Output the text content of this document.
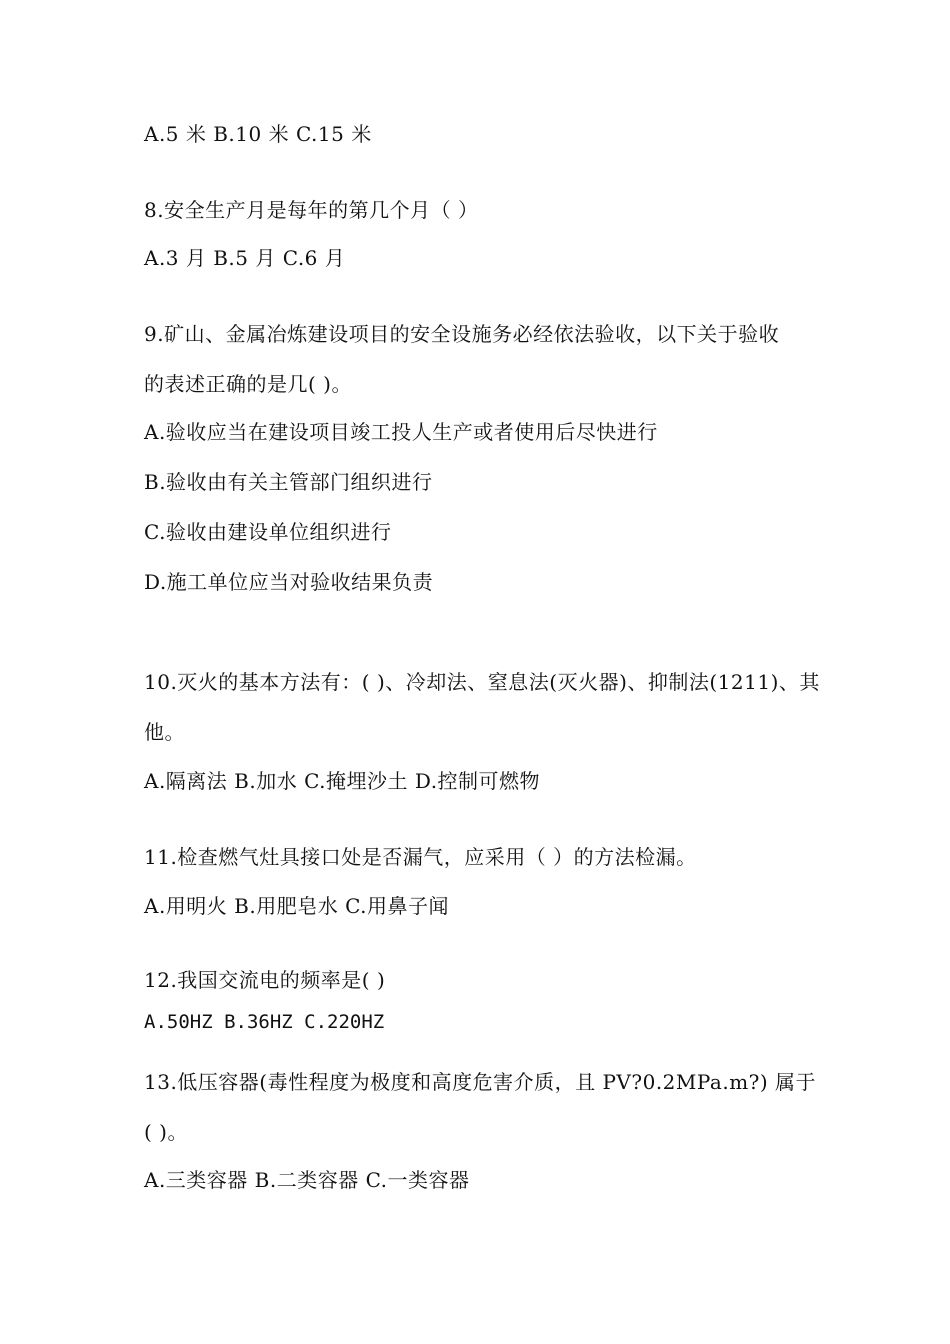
A.5 米 B.10 米 C.15 米

8.安全生产月是每年的第几个月（ ）

A.3 月 B.5 月 C.6 月

9.矿山、金属冶炼建设项目的安全设施务必经依法验收，以下关于验收

的表述正确的是几( )。

A.验收应当在建设项目竣工投人生产或者使用后尽快进行

B.验收由有关主管部门组织进行

C.验收由建设单位组织进行

D.施工单位应当对验收结果负责

10.灭火的基本方法有：( )、冷却法、窒息法(灭火器)、抑制法(1211)、其

他。

A.隔离法 B.加水 C.掩埋沙土 D.控制可燃物

11.检查燃气灶具接口处是否漏气，应采用（ ）的方法检漏。

A.用明火 B.用肥皂水 C.用鼻子闻

12.我国交流电的频率是( )

A.50HZ B.36HZ C.220HZ

13.低压容器(毒性程度为极度和高度危害介质，且 PV?0.2MPa.m?) 属于

( )。

A.三类容器 B.二类容器 C.一类容器
